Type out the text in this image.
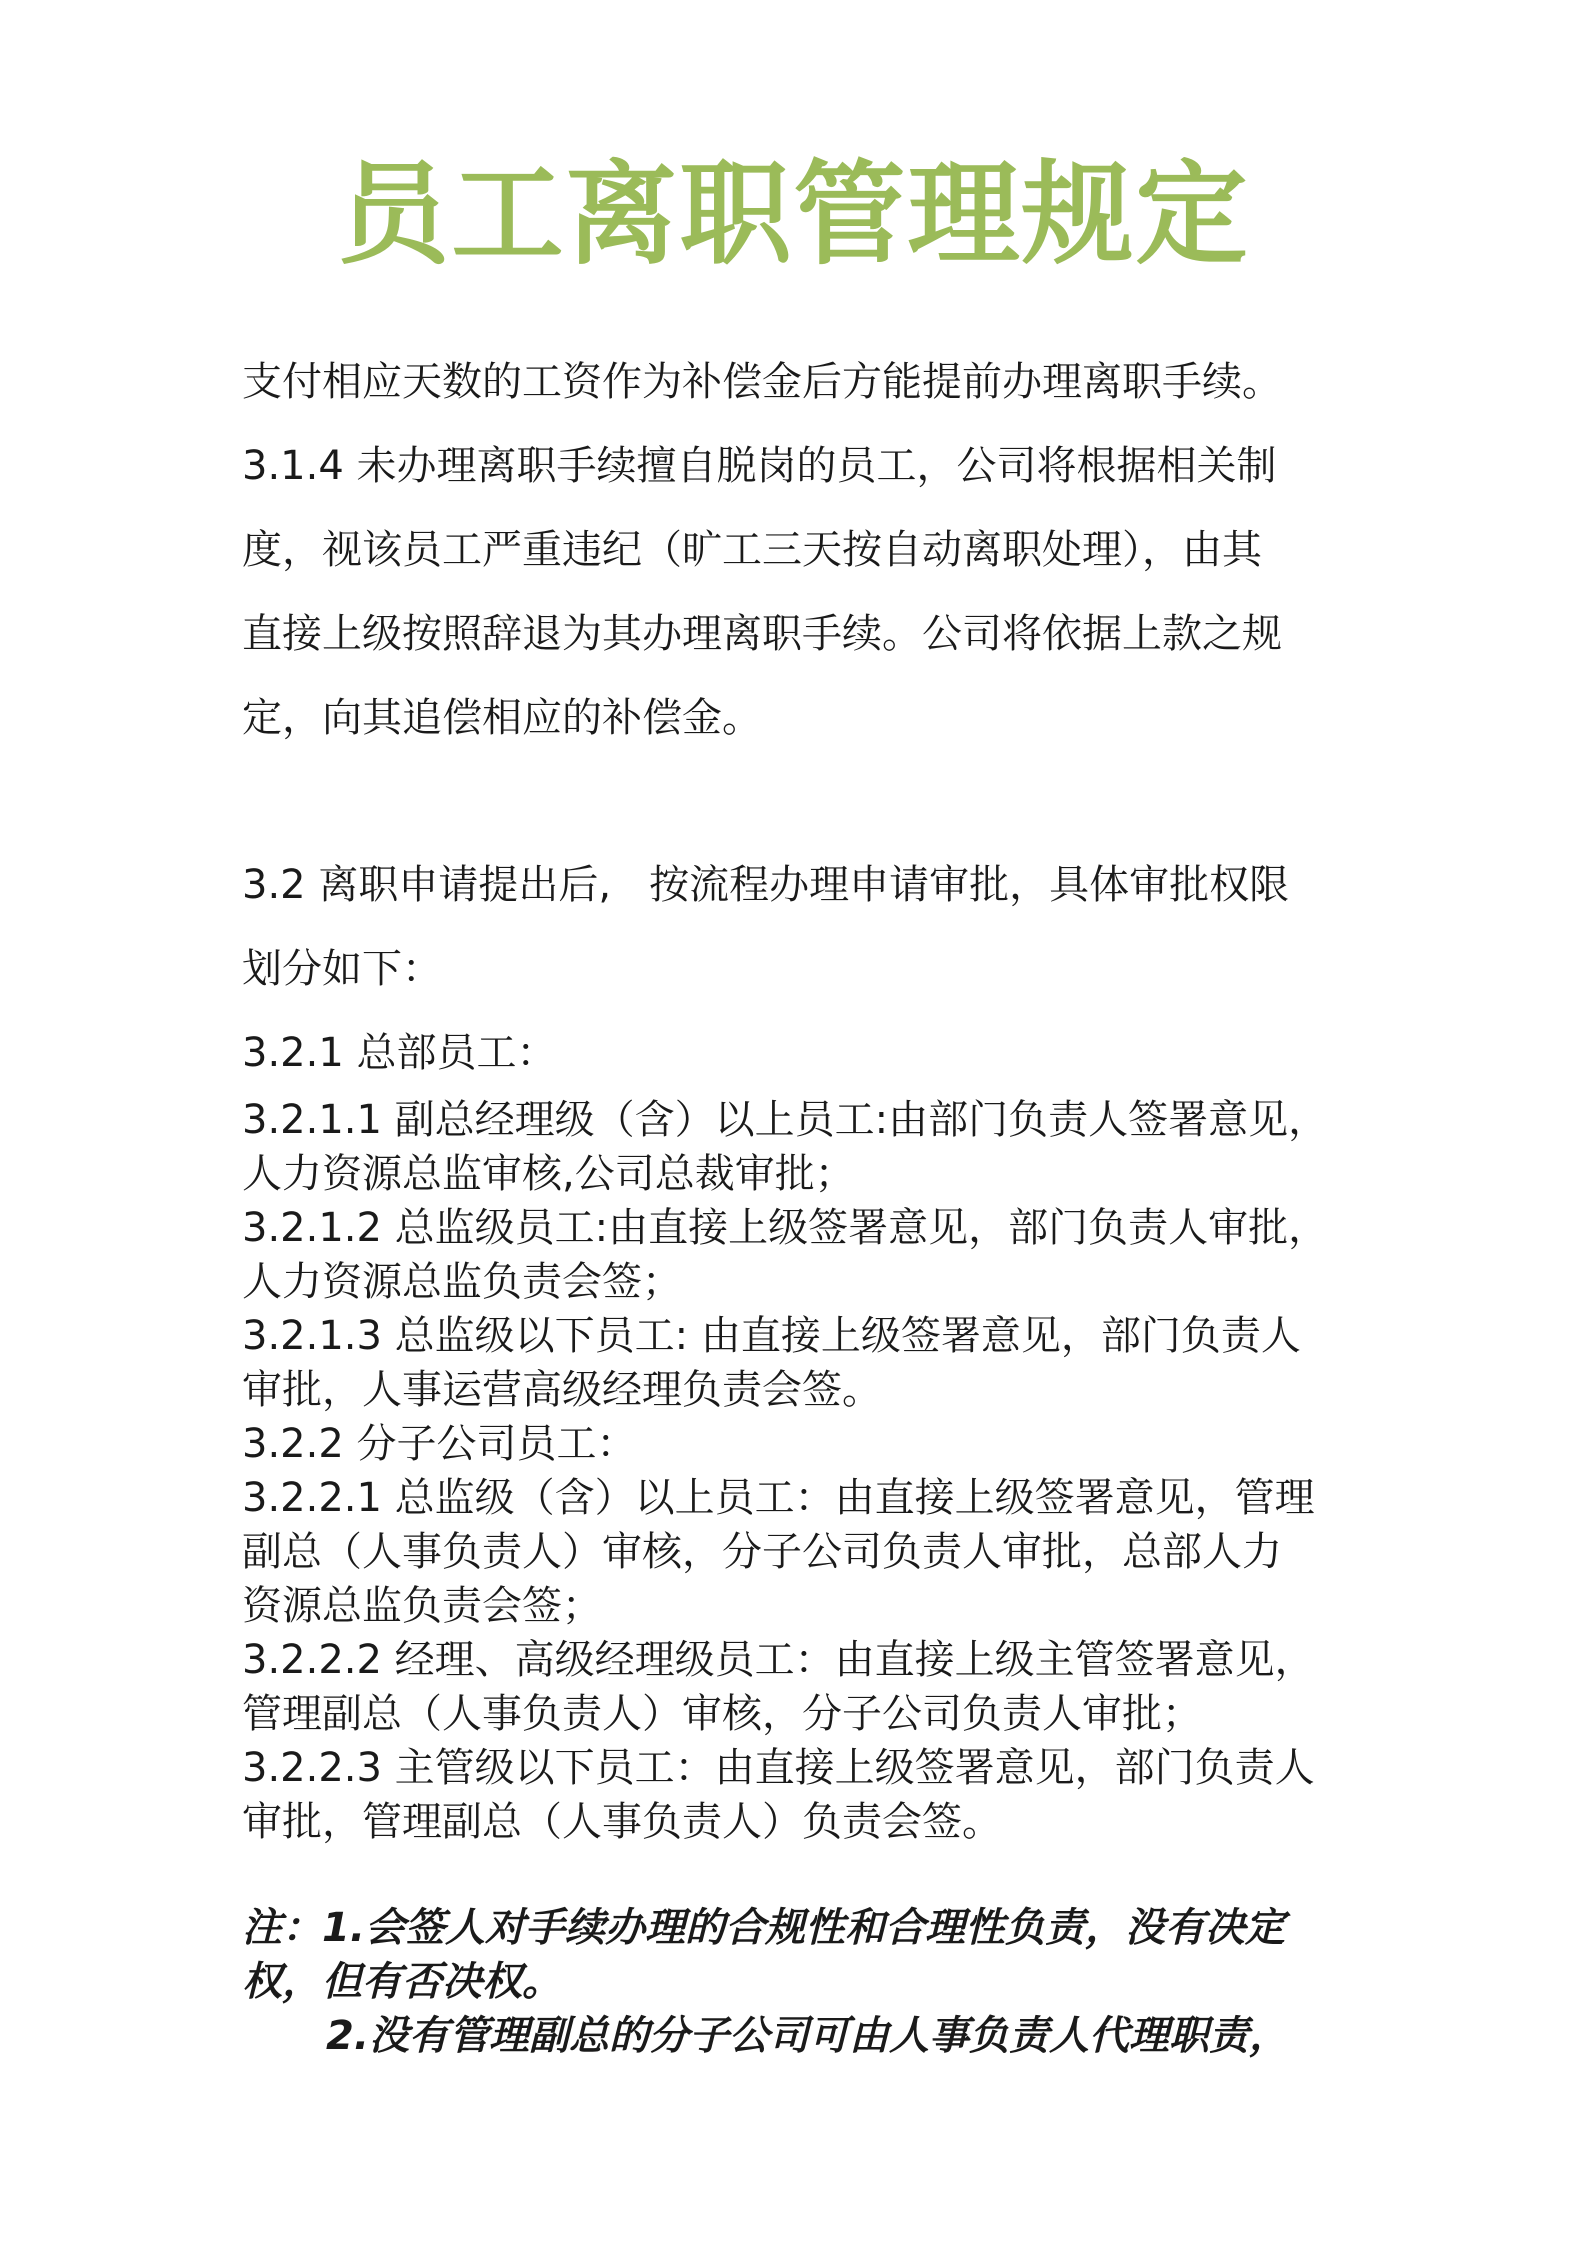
员工离职管理规定
支付相应天数的工资作为补偿金后方能提前办理离职手续。
3.1.4 未办理离职手续擅自脱岗的员工，公司将根据相关制
度，视该员工严重违纪（旷工三天按自动离职处理），由其
直接上级按照辞退为其办理离职手续。公司将依据上款之规
定，向其追偿相应的补偿金。
3.2 离职申请提出后,   按流程办理申请审批，具体审批权限
划分如下：
3.2.1 总部员工：
3.2.1.1 副总经理级（含）以上员工:由部门负责人签署意见，
人力资源总监审核,公司总裁审批；
3.2.1.2 总监级员工:由直接上级签署意见，部门负责人审批，
人力资源总监负责会签；
3.2.1.3 总监级以下员工: 由直接上级签署意见，部门负责人
审批，人事运营高级经理负责会签。
3.2.2 分子公司员工：
3.2.2.1 总监级（含）以上员工：由直接上级签署意见，管理
副总（人事负责人）审核，分子公司负责人审批，总部人力
资源总监负责会签；
3.2.2.2 经理、高级经理级员工：由直接上级主管签署意见，
管理副总（人事负责人）审核，分子公司负责人审批；
3.2.2.3 主管级以下员工：由直接上级签署意见，部门负责人
审批，管理副总（人事负责人）负责会签。
注：1.会签人对手续办理的合规性和合理性负责，没有决定
权，但有否决权。
2.没有管理副总的分子公司可由人事负责人代理职责，
